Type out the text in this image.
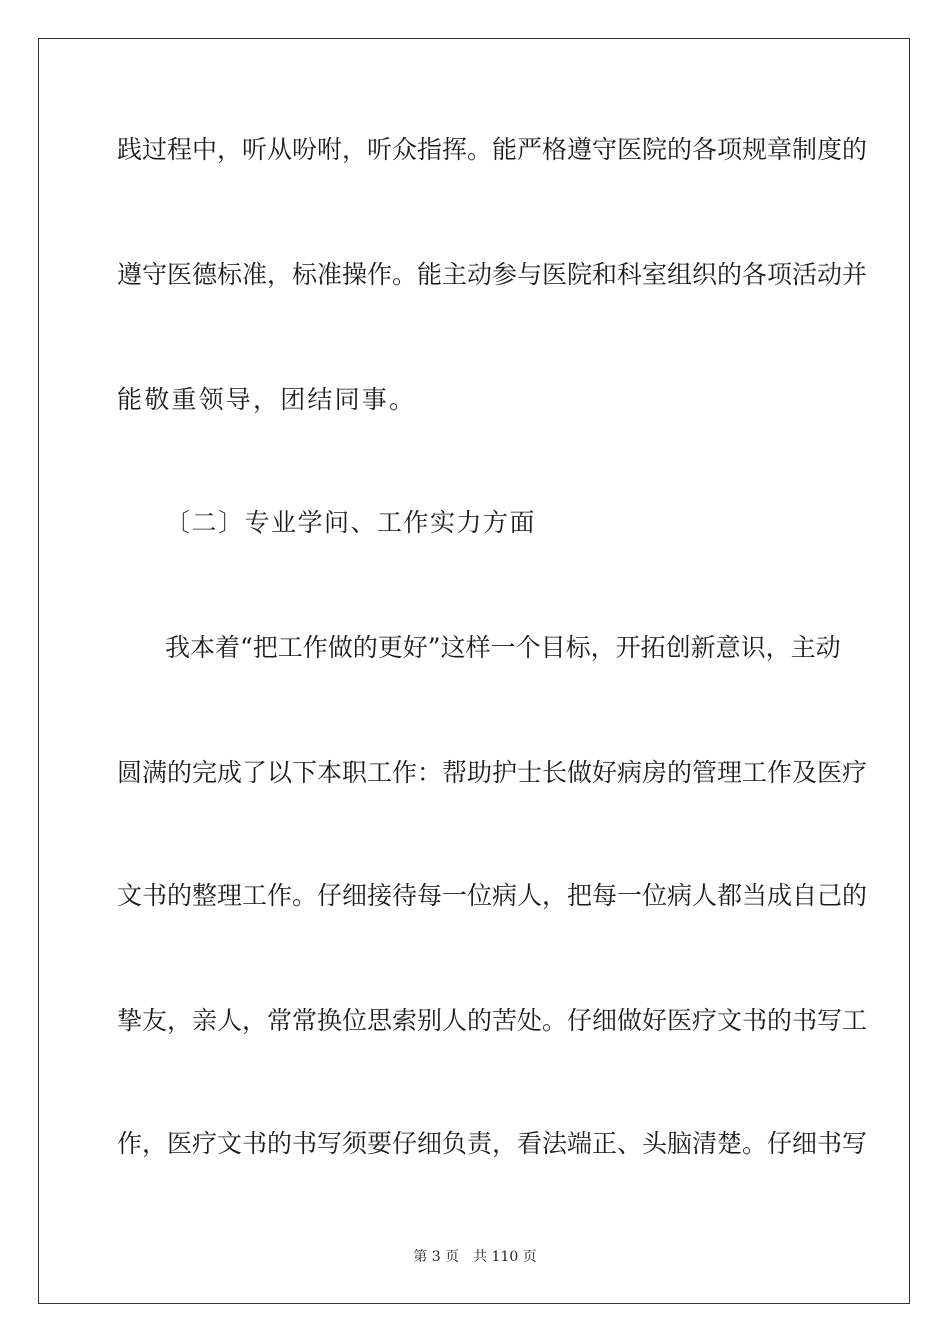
践过程中，听从吩咐，听众指挥。能严格遵守医院的各项规章制度的
遵守医德标准，标准操作。能主动参与医院和科室组织的各项活动并
能敬重领导，团结同事。
〔二〕专业学问、工作实力方面
我本着“把工作做的更好”这样一个目标，开拓创新意识，主动
圆满的完成了以下本职工作：帮助护士长做好病房的管理工作及医疗
文书的整理工作。仔细接待每一位病人，把每一位病人都当成自己的
挚友，亲人，常常换位思索别人的苦处。仔细做好医疗文书的书写工
作，医疗文书的书写须要仔细负责，看法端正、头脑清楚。仔细书写
第 3 页 共 110 页
